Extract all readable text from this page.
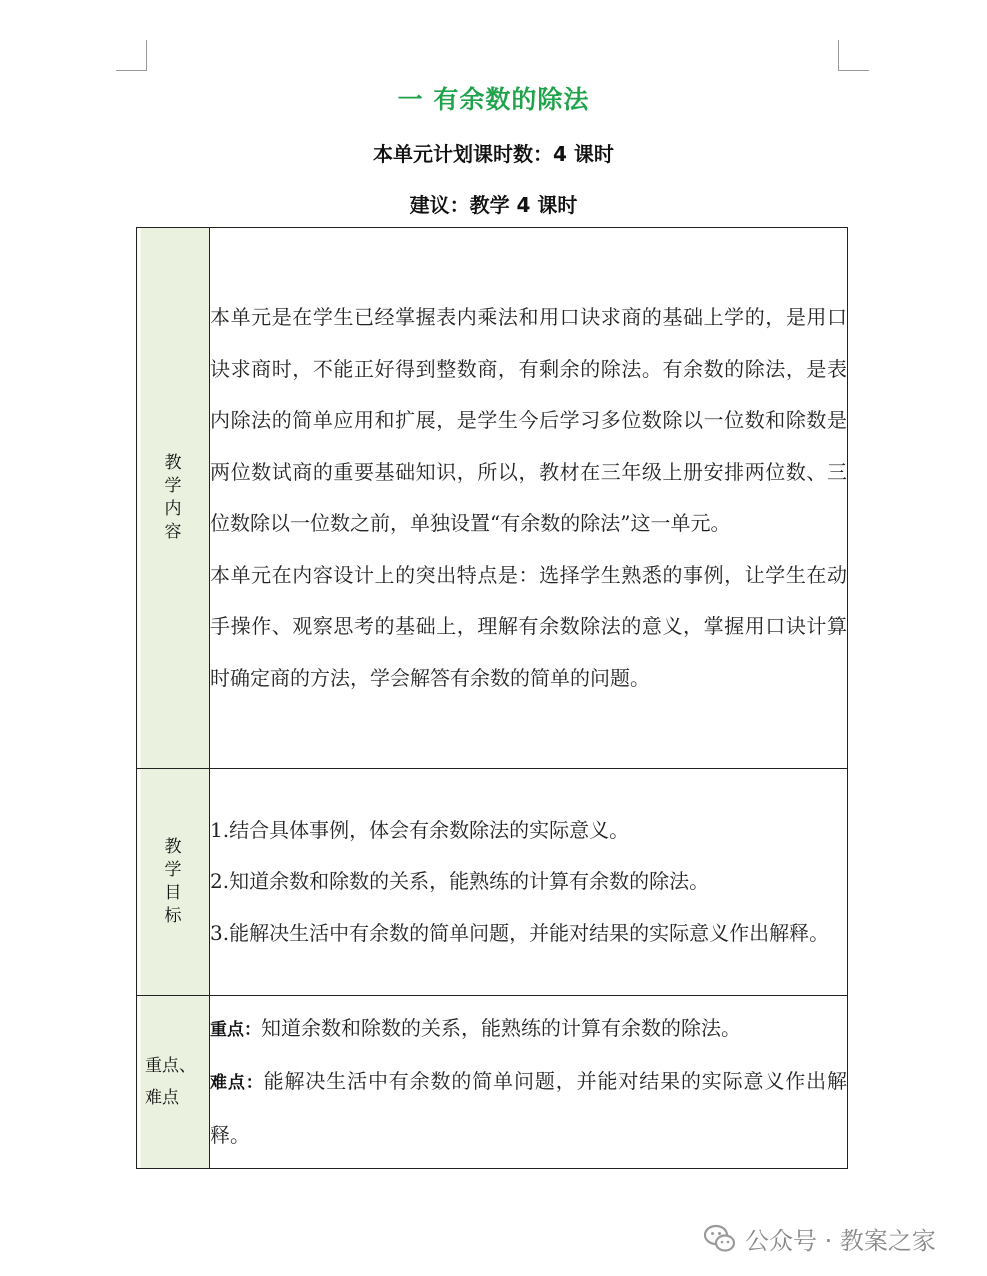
一 有余数的除法
本单元计划课时数：4 课时
建议：教学 4 课时
教学内容	本单元是在学生已经掌握表内乘法和用口诀求商的基础上学的，是用口诀求商时，不能正好得到整数商，有剩余的除法。有余数的除法，是表内除法的简单应用和扩展，是学生今后学习多位数除以一位数和除数是两位数试商的重要基础知识，所以，教材在三年级上册安排两位数、三位数除以一位数之前，单独设置“有余数的除法”这一单元。
本单元在内容设计上的突出特点是：选择学生熟悉的事例，让学生在动手操作、观察思考的基础上，理解有余数除法的意义，掌握用口诀计算时确定商的方法，学会解答有余数的简单的问题。

教学目标	1.结合具体事例，体会有余数除法的实际意义。
2.知道余数和除数的关系，能熟练的计算有余数的除法。
3.能解决生活中有余数的简单问题，并能对结果的实际意义作出解释。

重点、难点	重点：知道余数和除数的关系，能熟练的计算有余数的除法。
难点：能解决生活中有余数的简单问题，并能对结果的实际意义作出解释。
公众号 · 教案之家
